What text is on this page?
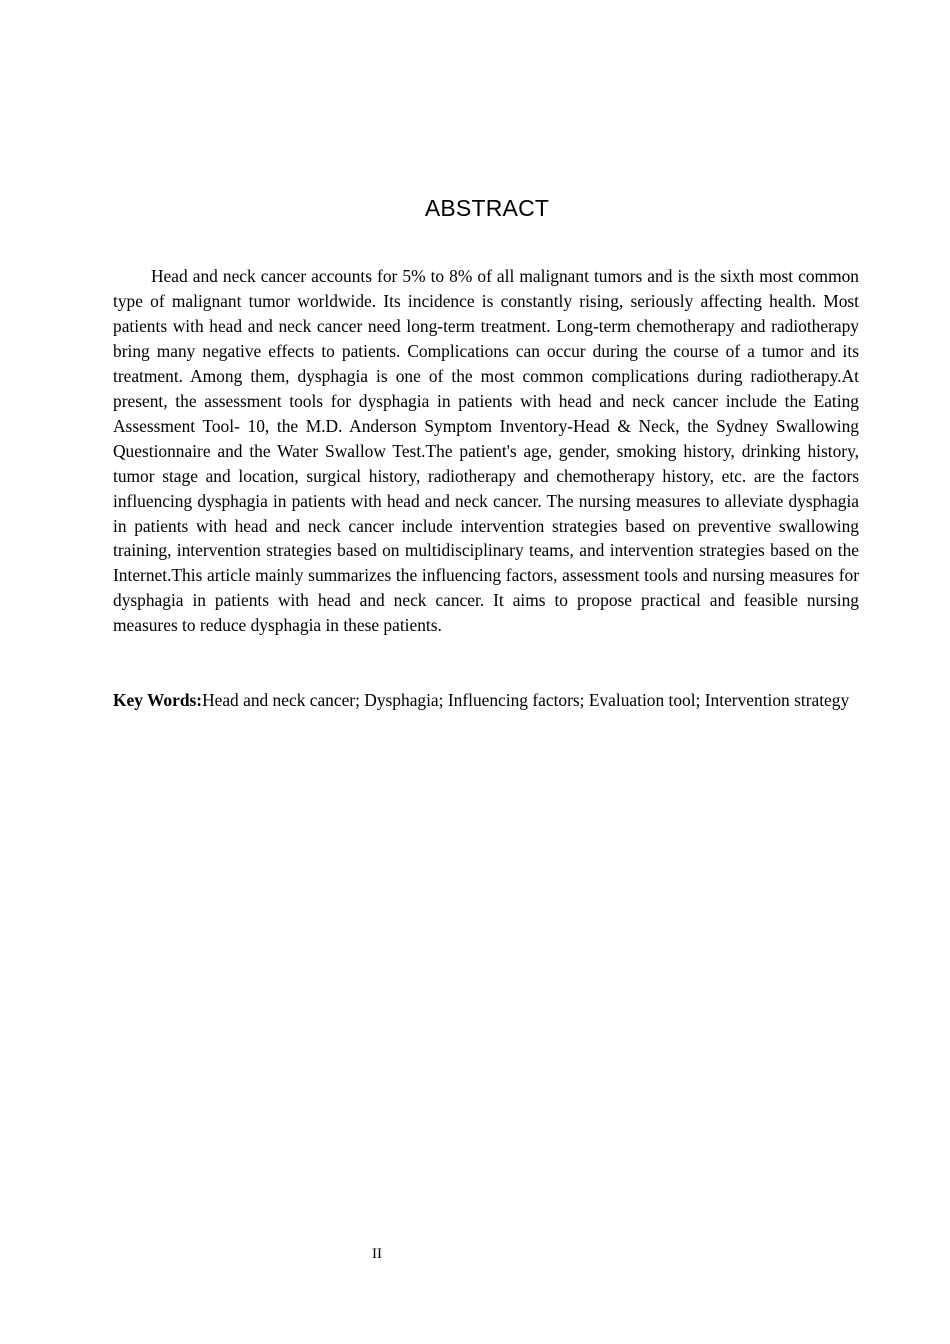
ABSTRACT

Head and neck cancer accounts for 5% to 8% of all malignant tumors and is the sixth most common type of malignant tumor worldwide. Its incidence is constantly rising, seriously affecting health. Most patients with head and neck cancer need long-term treatment. Long-term chemotherapy and radiotherapy bring many negative effects to patients. Complications can occur during the course of a tumor and its treatment. Among them, dysphagia is one of the most common complications during radiotherapy.At present, the assessment tools for dysphagia in patients with head and neck cancer include the Eating Assessment Tool- 10, the M.D. Anderson Symptom Inventory-Head & Neck, the Sydney Swallowing Questionnaire and the Water Swallow Test.The patient's age, gender, smoking history, drinking history, tumor stage and location, surgical history, radiotherapy and chemotherapy history, etc. are the factors influencing dysphagia in patients with head and neck cancer. The nursing measures to alleviate dysphagia in patients with head and neck cancer include intervention strategies based on preventive swallowing training, intervention strategies based on multidisciplinary teams, and intervention strategies based on the Internet.This article mainly summarizes the influencing factors, assessment tools and nursing measures for dysphagia in patients with head and neck cancer. It aims to propose practical and feasible nursing measures to reduce dysphagia in these patients.

Key Words:Head and neck cancer; Dysphagia; Influencing factors; Evaluation tool; Intervention strategy

II
